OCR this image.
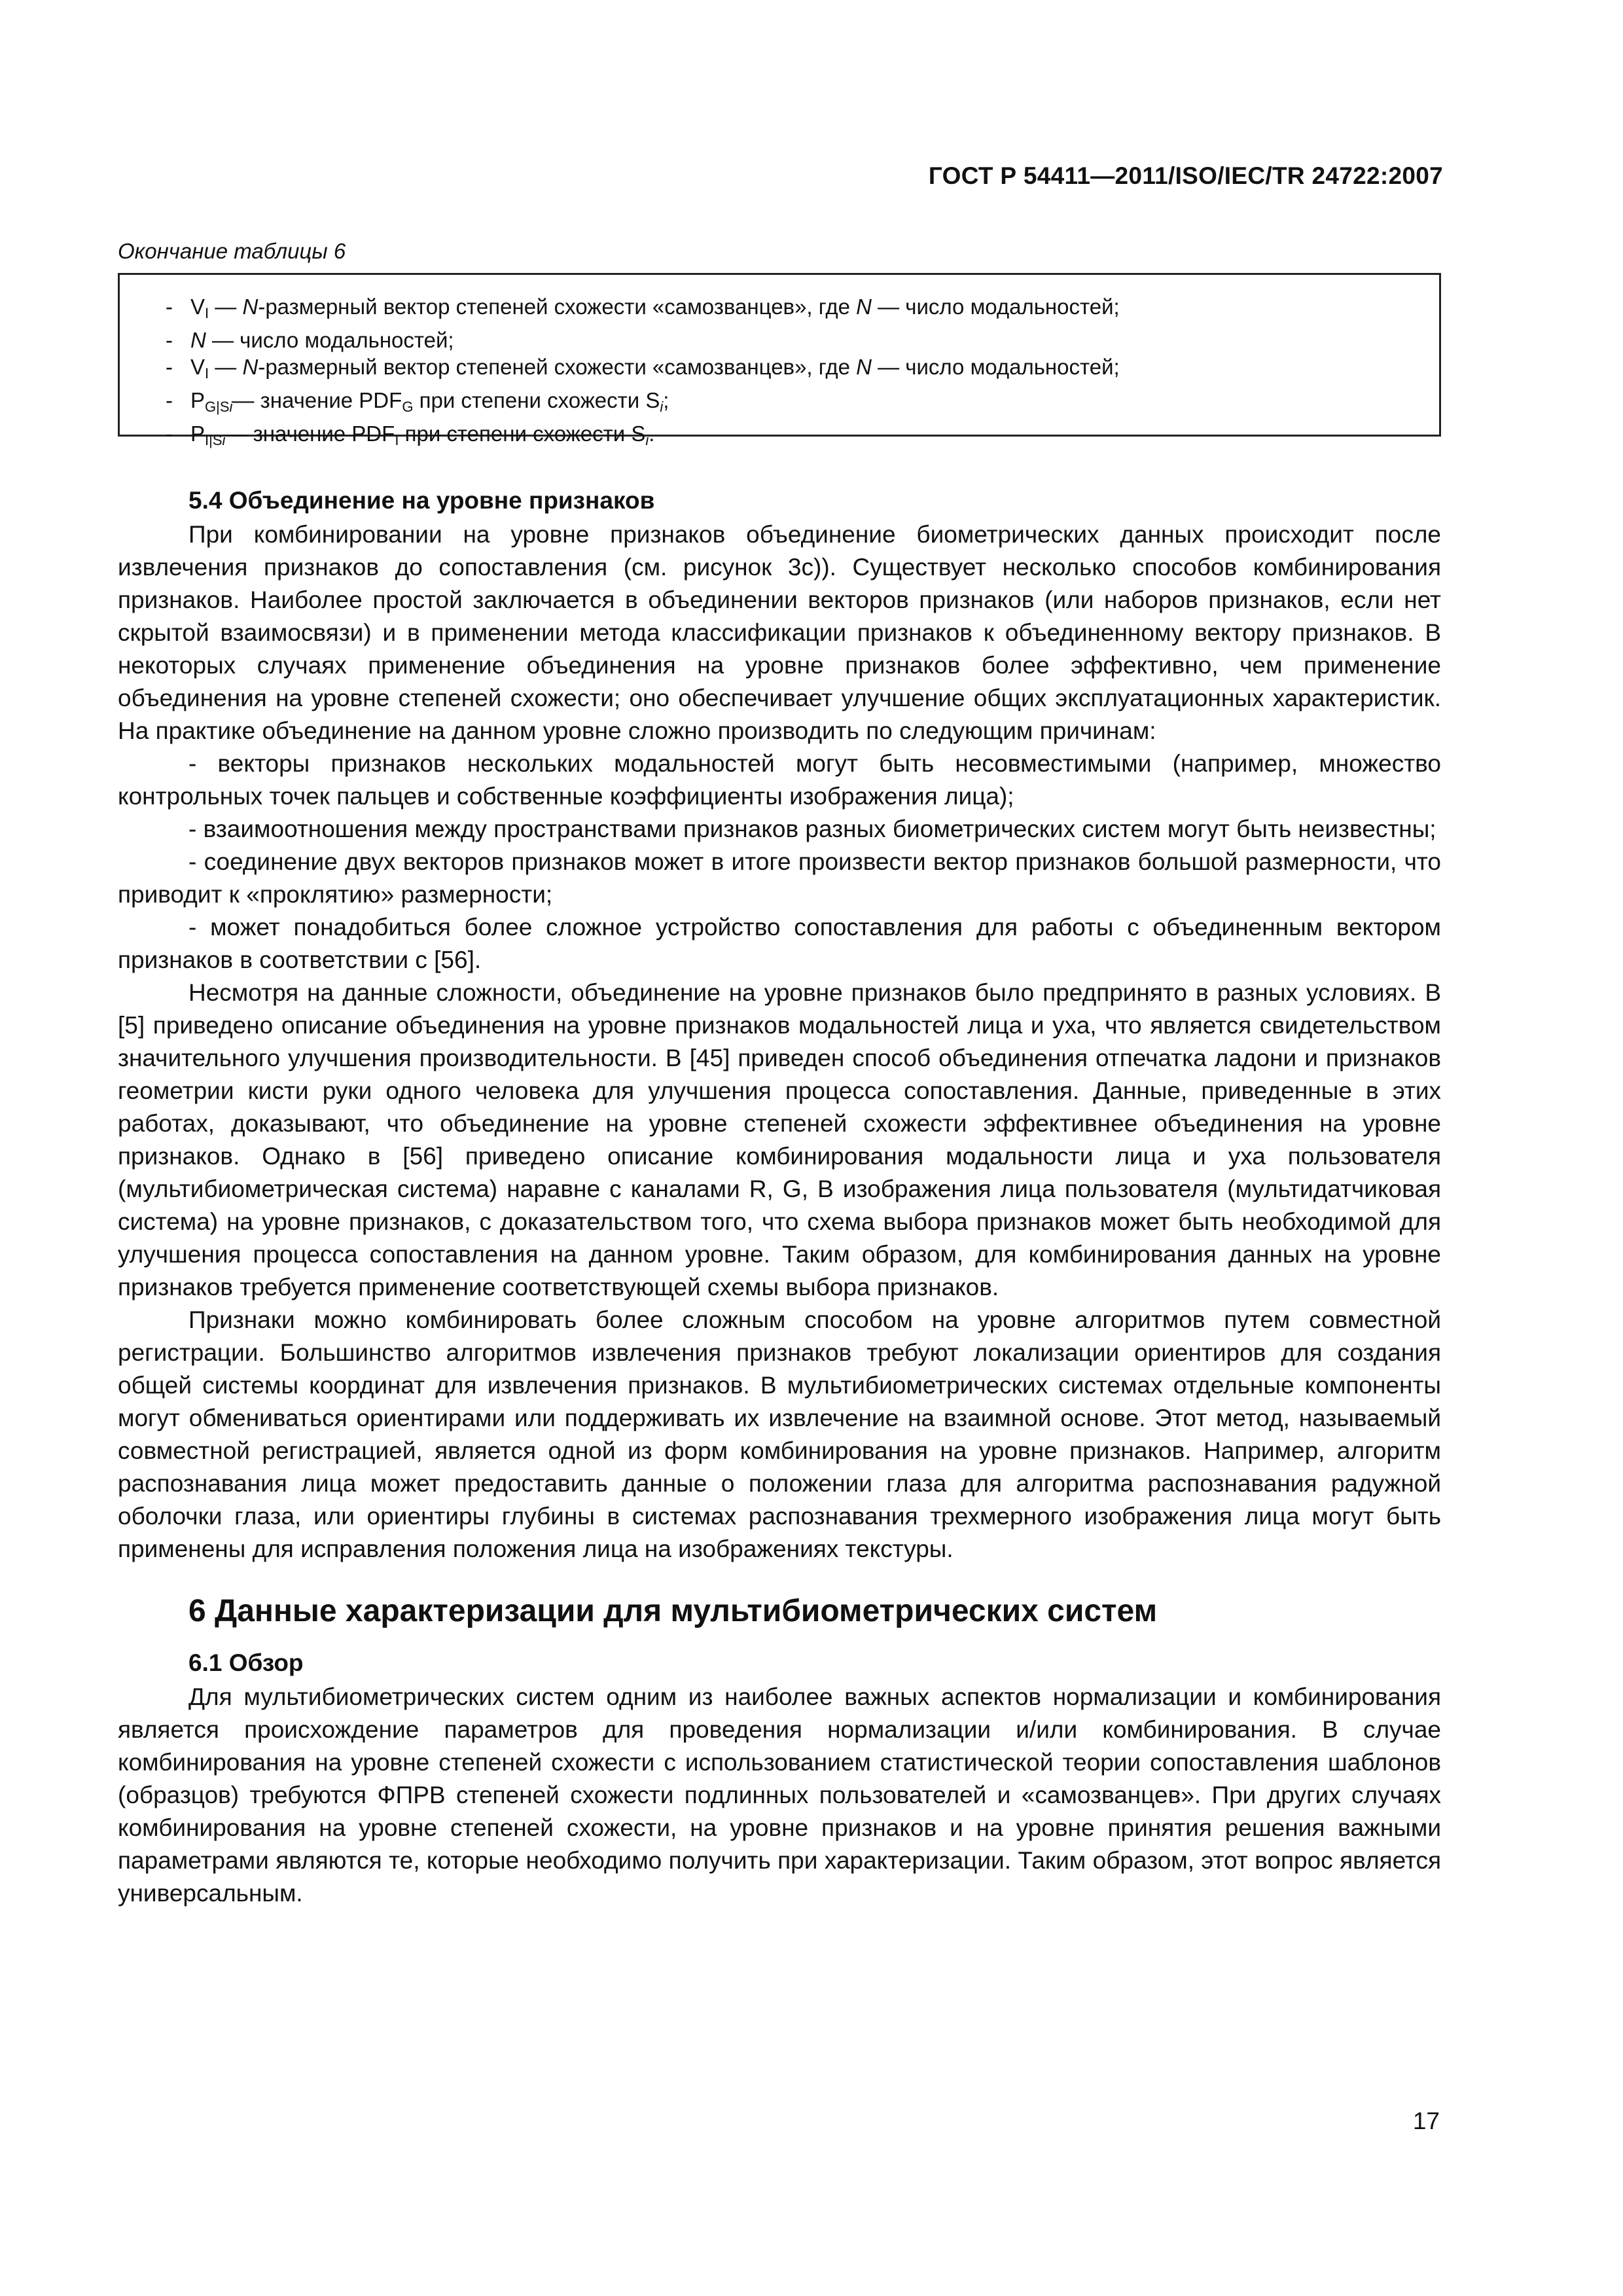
ГОСТ Р 54411—2011/ISO/IEC/TR 24722:2007
Окончание таблицы 6
- $V_I$ — N-размерный вектор степеней схожести «самозванцев», где N — число модальностей;
- N — число модальностей;
- $V_I$ — N-размерный вектор степеней схожести «самозванцев», где N — число модальностей;
- $P_{G|Si}—$ значение $PDF_G$ при степени схожести $S_i$;
- $P_{I|Si}—$ значение $PDF_I$ при степени схожести $S_i$.
5.4 Объединение на уровне признаков

При комбинировании на уровне признаков объединение биометрических данных происходит после извлечения признаков до сопоставления (см. рисунок 3с)). Существует несколько способов комбинирования признаков. Наиболее простой заключается в объединении векторов признаков (или наборов признаков, если нет скрытой взаимосвязи) и в применении метода классификации признаков к объединенному вектору признаков. В некоторых случаях применение объединения на уровне признаков более эффективно, чем применение объединения на уровне степеней схожести; оно обеспечивает улучшение общих эксплуатационных характеристик. На практике объединение на данном уровне сложно производить по следующим причинам:

- векторы признаков нескольких модальностей могут быть несовместимыми (например, множество контрольных точек пальцев и собственные коэффициенты изображения лица);

- взаимоотношения между пространствами признаков разных биометрических систем могут быть неизвестны;

- соединение двух векторов признаков может в итоге произвести вектор признаков большой размерности, что приводит к «проклятию» размерности;

- может понадобиться более сложное устройство сопоставления для работы с объединенным вектором признаков в соответствии с [56].

Несмотря на данные сложности, объединение на уровне признаков было предпринято в разных условиях. В [5] приведено описание объединения на уровне признаков модальностей лица и уха, что является свидетельством значительного улучшения производительности. В [45] приведен способ объединения отпечатка ладони и признаков геометрии кисти руки одного человека для улучшения процесса сопоставления. Данные, приведенные в этих работах, доказывают, что объединение на уровне степеней схожести эффективнее объединения на уровне признаков. Однако в [56] приведено описание комбинирования модальности лица и уха пользователя (мультибиометрическая система) наравне с каналами R, G, B изображения лица пользователя (мультидатчиковая система) на уровне признаков, с доказательством того, что схема выбора признаков может быть необходимой для улучшения процесса сопоставления на данном уровне. Таким образом, для комбинирования данных на уровне признаков требуется применение соответствующей схемы выбора признаков.

Признаки можно комбинировать более сложным способом на уровне алгоритмов путем совместной регистрации. Большинство алгоритмов извлечения признаков требуют локализации ориентиров для создания общей системы координат для извлечения признаков. В мультибиометрических системах отдельные компоненты могут обмениваться ориентирами или поддерживать их извлечение на взаимной основе. Этот метод, называемый совместной регистрацией, является одной из форм комбинирования на уровне признаков. Например, алгоритм распознавания лица может предоставить данные о положении глаза для алгоритма распознавания радужной оболочки глаза, или ориентиры глубины в системах распознавания трехмерного изображения лица могут быть применены для исправления положения лица на изображениях текстуры.

6 Данные характеризации для мультибиометрических систем
6.1 Обзор

Для мультибиометрических систем одним из наиболее важных аспектов нормализации и комбинирования является происхождение параметров для проведения нормализации и/или комбинирования. В случае комбинирования на уровне степеней схожести с использованием статистической теории сопоставления шаблонов (образцов) требуются ФПРВ степеней схожести подлинных пользователей и «самозванцев». При других случаях комбинирования на уровне степеней схожести, на уровне признаков и на уровне принятия решения важными параметрами являются те, которые необходимо получить при характеризации. Таким образом, этот вопрос является универсальным.

17
